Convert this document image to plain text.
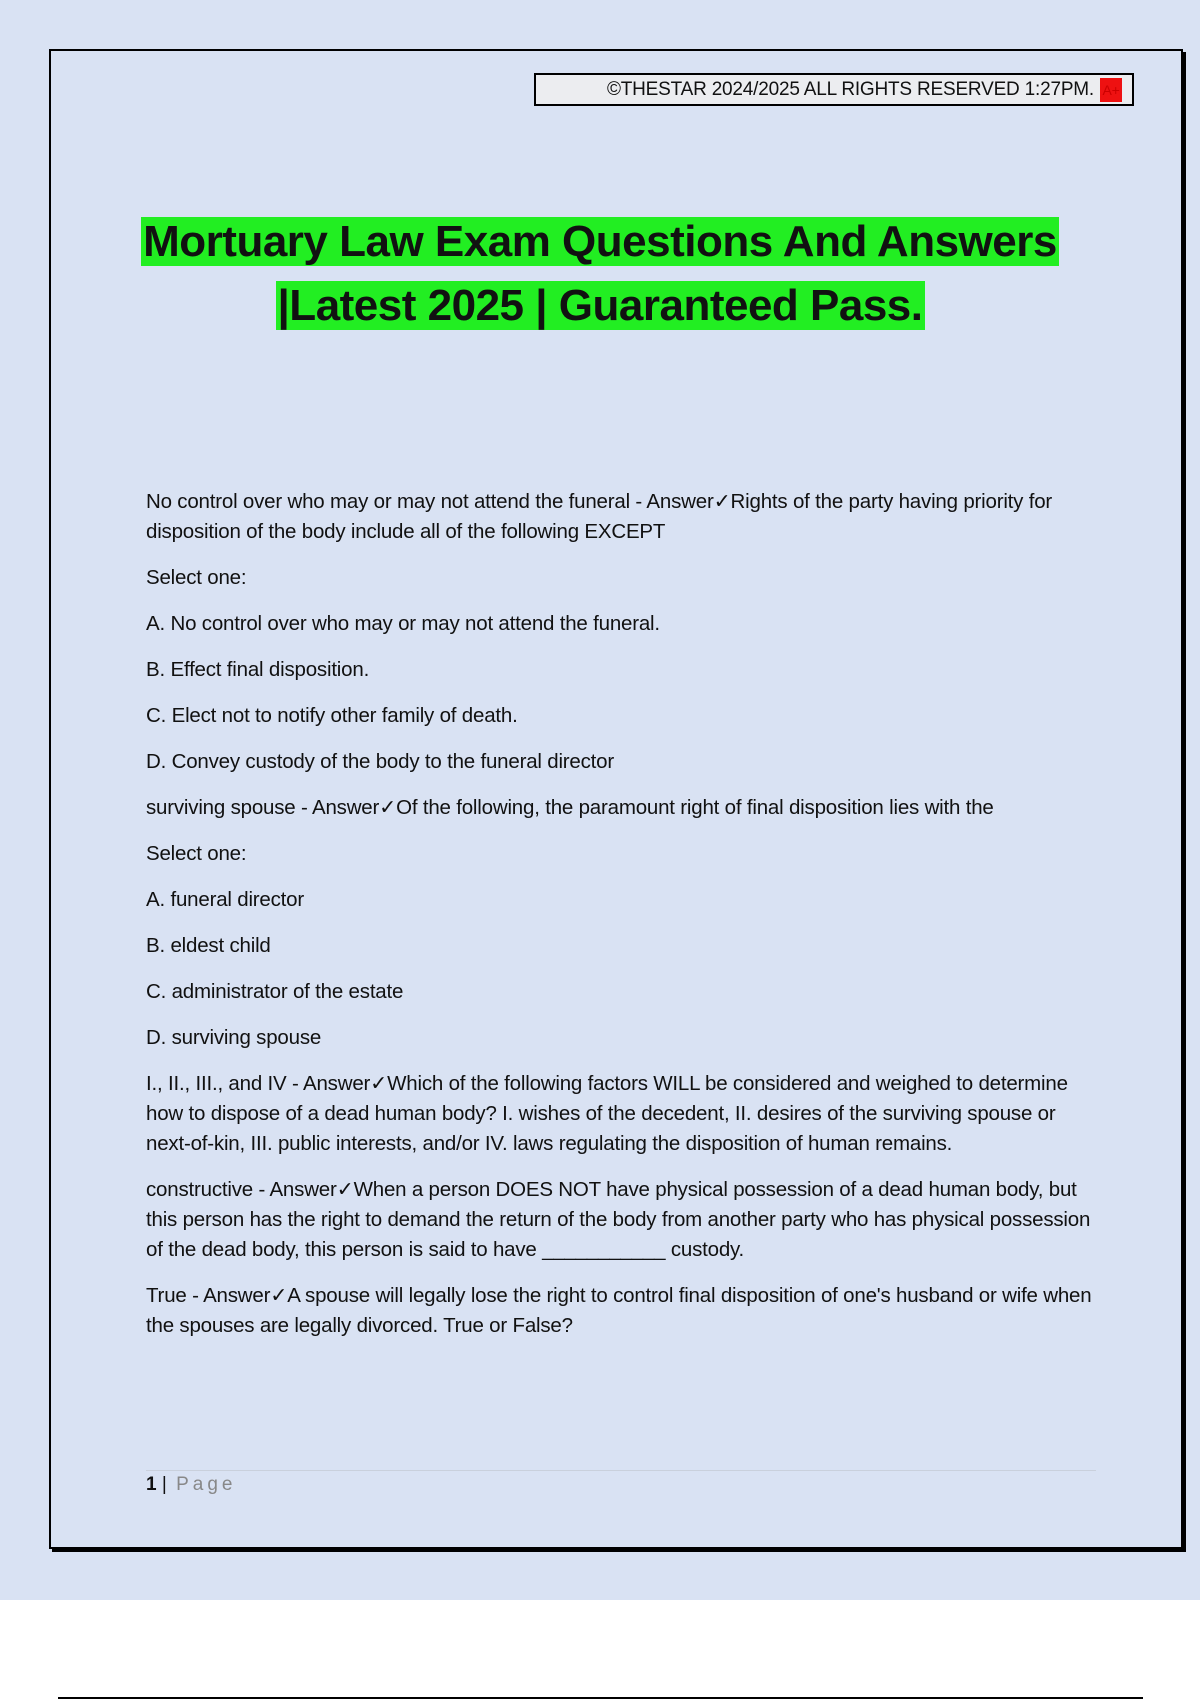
©THESTAR 2024/2025 ALL RIGHTS RESERVED 1:27PM. A+
Mortuary Law Exam Questions And Answers
|Latest 2025 | Guaranteed Pass.

No control over who may or may not attend the funeral - Answer✓Rights of the party having priority for disposition of the body include all of the following EXCEPT

Select one:

A. No control over who may or may not attend the funeral.

B. Effect final disposition.

C. Elect not to notify other family of death.

D. Convey custody of the body to the funeral director

surviving spouse - Answer✓Of the following, the paramount right of final disposition lies with the

Select one:

A. funeral director

B. eldest child

C. administrator of the estate

D. surviving spouse

I., II., III., and IV - Answer✓Which of the following factors WILL be considered and weighed to determine how to dispose of a dead human body? I. wishes of the decedent, II. desires of the surviving spouse or next-of-kin, III. public interests, and/or IV. laws regulating the disposition of human remains.

constructive - Answer✓When a person DOES NOT have physical possession of a dead human body, but this person has the right to demand the return of the body from another party who has physical possession of the dead body, this person is said to have ___________ custody.

True - Answer✓A spouse will legally lose the right to control final disposition of one's husband or wife when the spouses are legally divorced. True or False?

1 | Page
